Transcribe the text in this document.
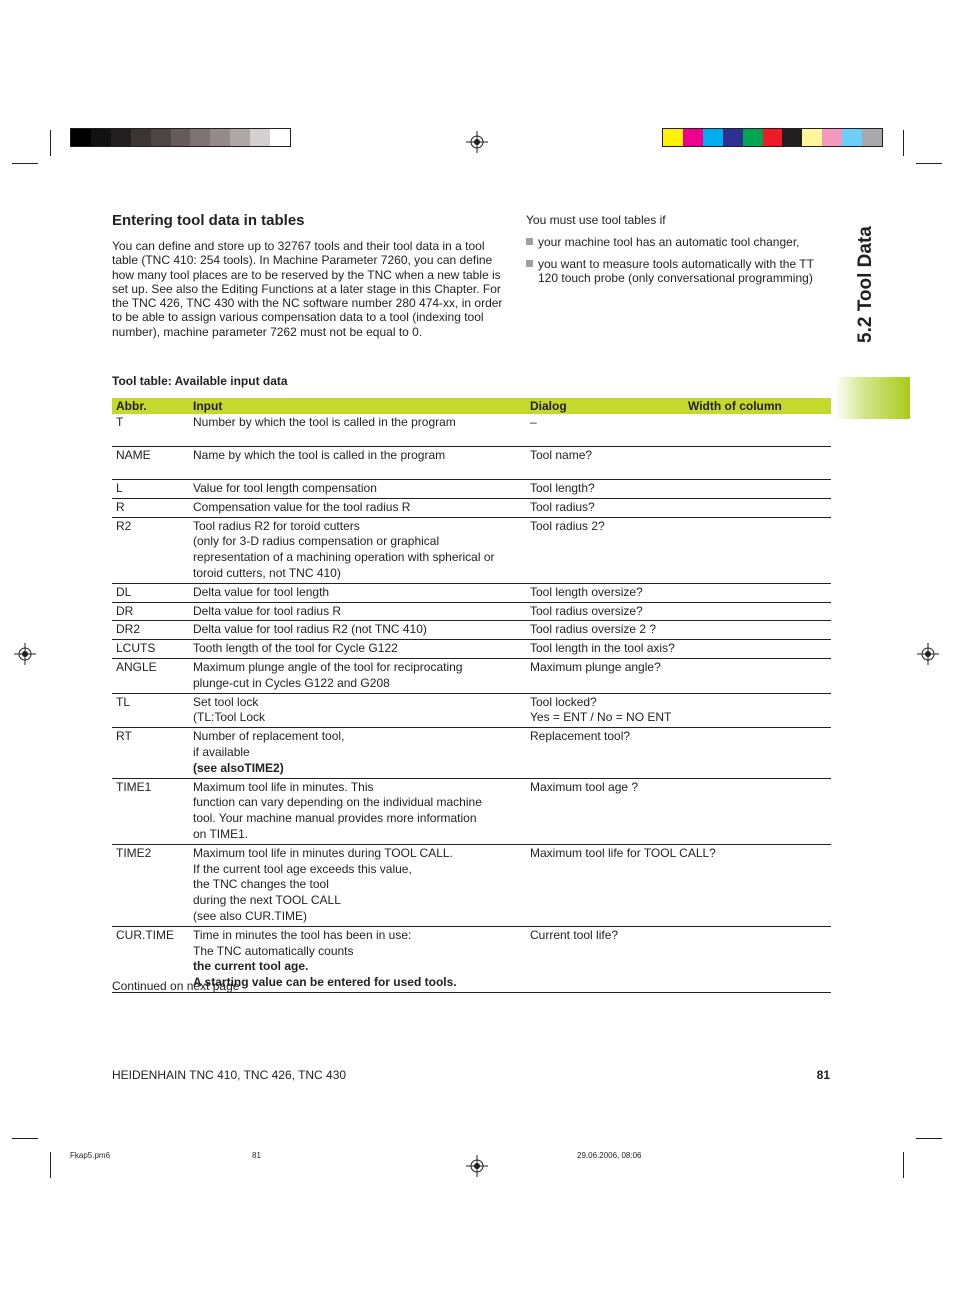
5.2 Tool Data
Entering tool data in tables

You can define and store up to 32767 tools and their tool data in a tool table (TNC 410: 254 tools). In Machine Parameter 7260, you can define how many tool places are to be reserved by the TNC when a new table is set up. See also the Editing Functions at a later stage in this Chapter. For the TNC 426, TNC 430 with the NC software number 280 474-xx, in order to be able to assign various compensation data to a tool (indexing tool number), machine parameter 7262 must not be equal to 0.

You must use tool tables if

your machine tool has an automatic tool changer,
you want to measure tools automatically with the TT 120 touch probe (only conversational programming)

Tool table: Available input data

Abbr.	Input	Dialog	Width of column
T	Number by which the tool is called in the program	–	

NAME	Name by which the tool is called in the program	Tool name?	

L	Value for tool length compensation	Tool length?	

R	Compensation value for the tool radius R	Tool radius?	

R2	Tool radius R2 for toroid cutters
(only for 3-D radius compensation or graphical
representation of a machining operation with spherical or
toroid cutters, not TNC 410)	Tool radius 2?	

DL	Delta value for tool length	Tool length oversize?	

DR	Delta value for tool radius R	Tool radius oversize?	

DR2	Delta value for tool radius R2 (not TNC 410)	Tool radius oversize 2 ?	

LCUTS	Tooth length of the tool for Cycle G122	Tool length in the tool axis?	

ANGLE	Maximum plunge angle of the tool for reciprocating
plunge-cut in Cycles G122 and G208	Maximum plunge angle?	

TL	Set tool lock
(TL:Tool Lock	Tool locked?
Yes = ENT / No = NO ENT	

RT	Number of replacement tool,
if available
(see alsoTIME2)	Replacement tool?	

TIME1	Maximum tool life in minutes. This
function can vary depending on the individual machine
tool. Your machine manual provides more information
on TIME1.	Maximum tool age ?	

TIME2	Maximum tool life in minutes during TOOL CALL.
If the current tool age exceeds this value,
the TNC changes the tool
during the next TOOL CALL
(see also CUR.TIME)	Maximum tool life for TOOL CALL?	

CUR.TIME	Time in minutes the tool has been in use:
The TNC automatically counts
the current tool age.
A starting value can be entered for used tools.	Current tool life?	
Continued on next page
HEIDENHAIN TNC 410, TNC 426, TNC 430	81
Fkap5.pm6	81	29.06.2006, 08:06
